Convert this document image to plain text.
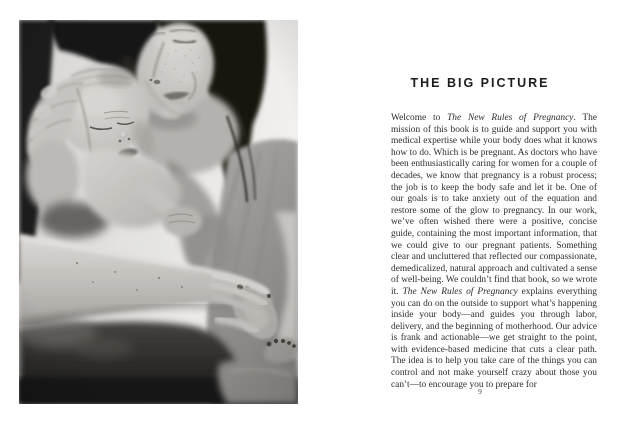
THE BIG PICTURE

Welcome to The New Rules of Pregnancy. The mission of this book is to guide and support you with medical expertise while your body does what it knows how to do. Which is be pregnant. As doctors who have been enthusiastically caring for women for a couple of decades, we know that pregnancy is a robust process; the job is to keep the body safe and let it be. One of our goals is to take anxiety out of the equation and restore some of the glow to pregnancy. In our work, we’ve often wished there were a positive, concise guide, containing the most important information, that we could give to our pregnant patients. Something clear and uncluttered that reflected our compassionate, demedicalized, natural approach and cultivated a sense of well-being. We couldn’t find that book, so we wrote it. The New Rules of Pregnancy explains everything you can do on the outside to support what’s happening inside your body—and guides you through labor, delivery, and the beginning of motherhood. Our advice is frank and actionable—we get straight to the point, with evidence-based medicine that cuts a clear path. The idea is to help you take care of the things you can control and not make yourself crazy about those you can’t—to encourage you to prepare for

9
